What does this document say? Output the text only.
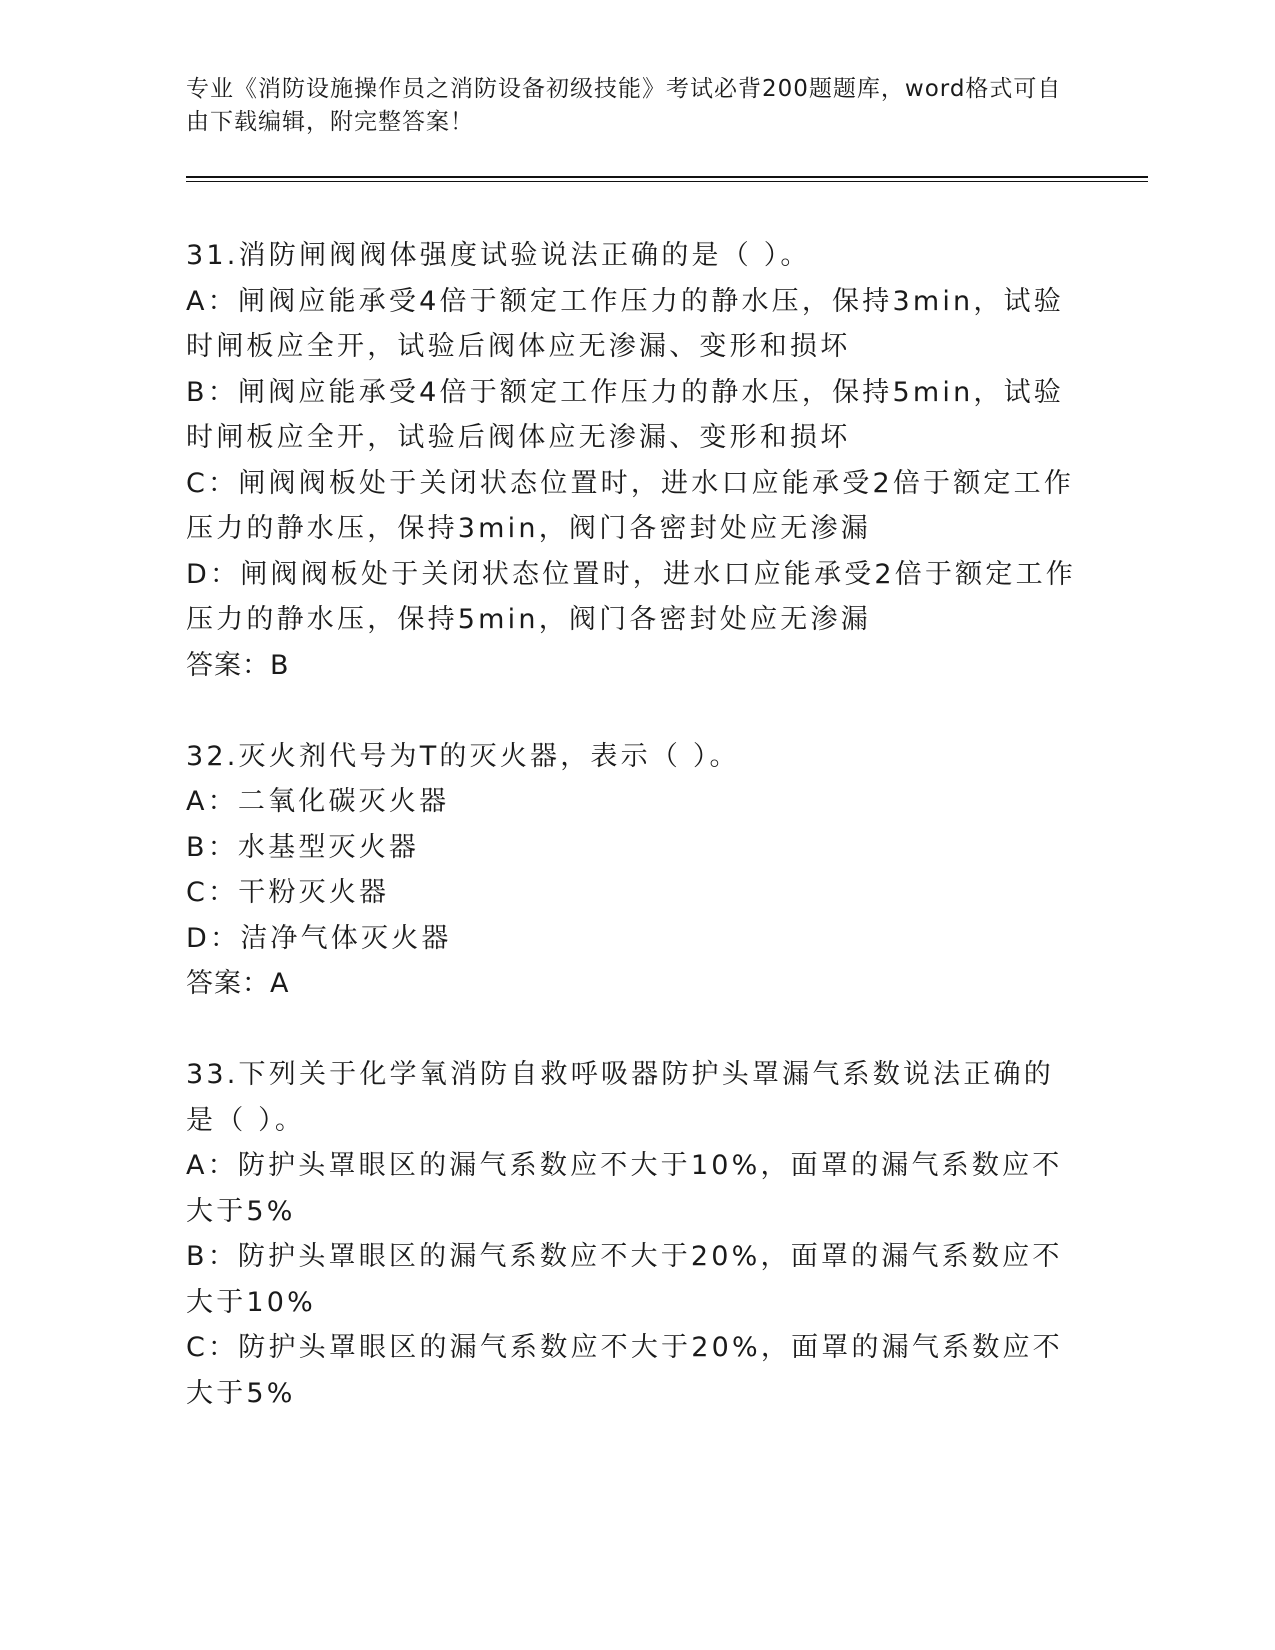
专业《消防设施操作员之消防设备初级技能》考试必背200题题库，word格式可自由下载编辑，附完整答案！

31.消防闸阀阀体强度试验说法正确的是（ ）。

A：闸阀应能承受4倍于额定工作压力的静水压，保持3min，试验时闸板应全开，试验后阀体应无渗漏、变形和损坏

B：闸阀应能承受4倍于额定工作压力的静水压，保持5min，试验时闸板应全开，试验后阀体应无渗漏、变形和损坏

C：闸阀阀板处于关闭状态位置时，进水口应能承受2倍于额定工作压力的静水压，保持3min，阀门各密封处应无渗漏

D：闸阀阀板处于关闭状态位置时，进水口应能承受2倍于额定工作压力的静水压，保持5min，阀门各密封处应无渗漏

答案：B

32.灭火剂代号为T的灭火器，表示（ ）。

A：二氧化碳灭火器

B：水基型灭火器

C：干粉灭火器

D：洁净气体灭火器

答案：A

33.下列关于化学氧消防自救呼吸器防护头罩漏气系数说法正确的是（ ）。

A：防护头罩眼区的漏气系数应不大于10%，面罩的漏气系数应不大于5%

B：防护头罩眼区的漏气系数应不大于20%，面罩的漏气系数应不大于10%

C：防护头罩眼区的漏气系数应不大于20%，面罩的漏气系数应不大于5%
